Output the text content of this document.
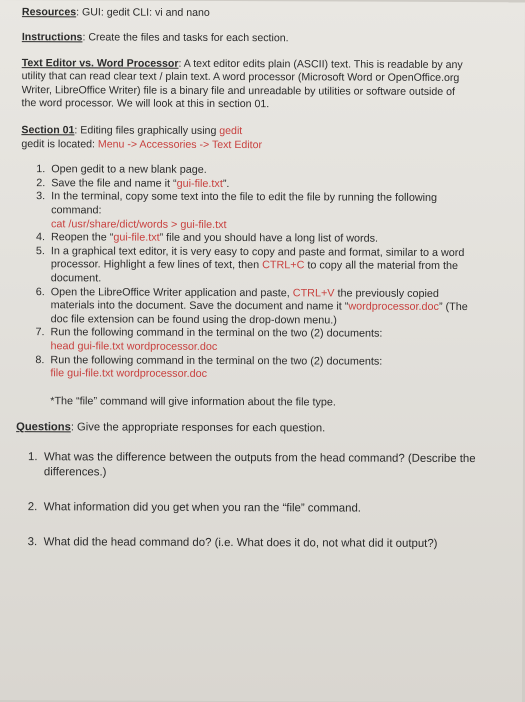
Resources: GUI: gedit CLI: vi and nano

Instructions: Create the files and tasks for each section.

Text Editor vs. Word Processor: A text editor edits plain (ASCII) text. This is readable by any

utility that can read clear text / plain text. A word processor (Microsoft Word or OpenOffice.org

Writer, LibreOffice Writer) file is a binary file and unreadable by utilities or software outside of

the word processor. We will look at this in section 01.

Section 01: Editing files graphically using gedit

gedit is located: Menu -> Accessories -> Text Editor

1. Open gedit to a new blank page.
2. Save the file and name it “gui-file.txt”.
3. In the terminal, copy some text into the file to edit the file by running the following
command:
cat /usr/share/dict/words > gui-file.txt
4. Reopen the “gui-file.txt” file and you should have a long list of words.
5. In a graphical text editor, it is very easy to copy and paste and format, similar to a word
processor. Highlight a few lines of text, then CTRL+C to copy all the material from the
document.
6. Open the LibreOffice Writer application and paste, CTRL+V the previously copied
materials into the document. Save the document and name it “wordprocessor.doc” (The
doc file extension can be found using the drop-down menu.)
7. Run the following command in the terminal on the two (2) documents:
head gui-file.txt wordprocessor.doc
8. Run the following command in the terminal on the two (2) documents:
file gui-file.txt wordprocessor.doc

*The “file” command will give information about the file type.

Questions: Give the appropriate responses for each question.

1. What was the difference between the outputs from the head command? (Describe the
differences.)
2. What information did you get when you ran the “file” command.
3. What did the head command do? (i.e. What does it do, not what did it output?)
